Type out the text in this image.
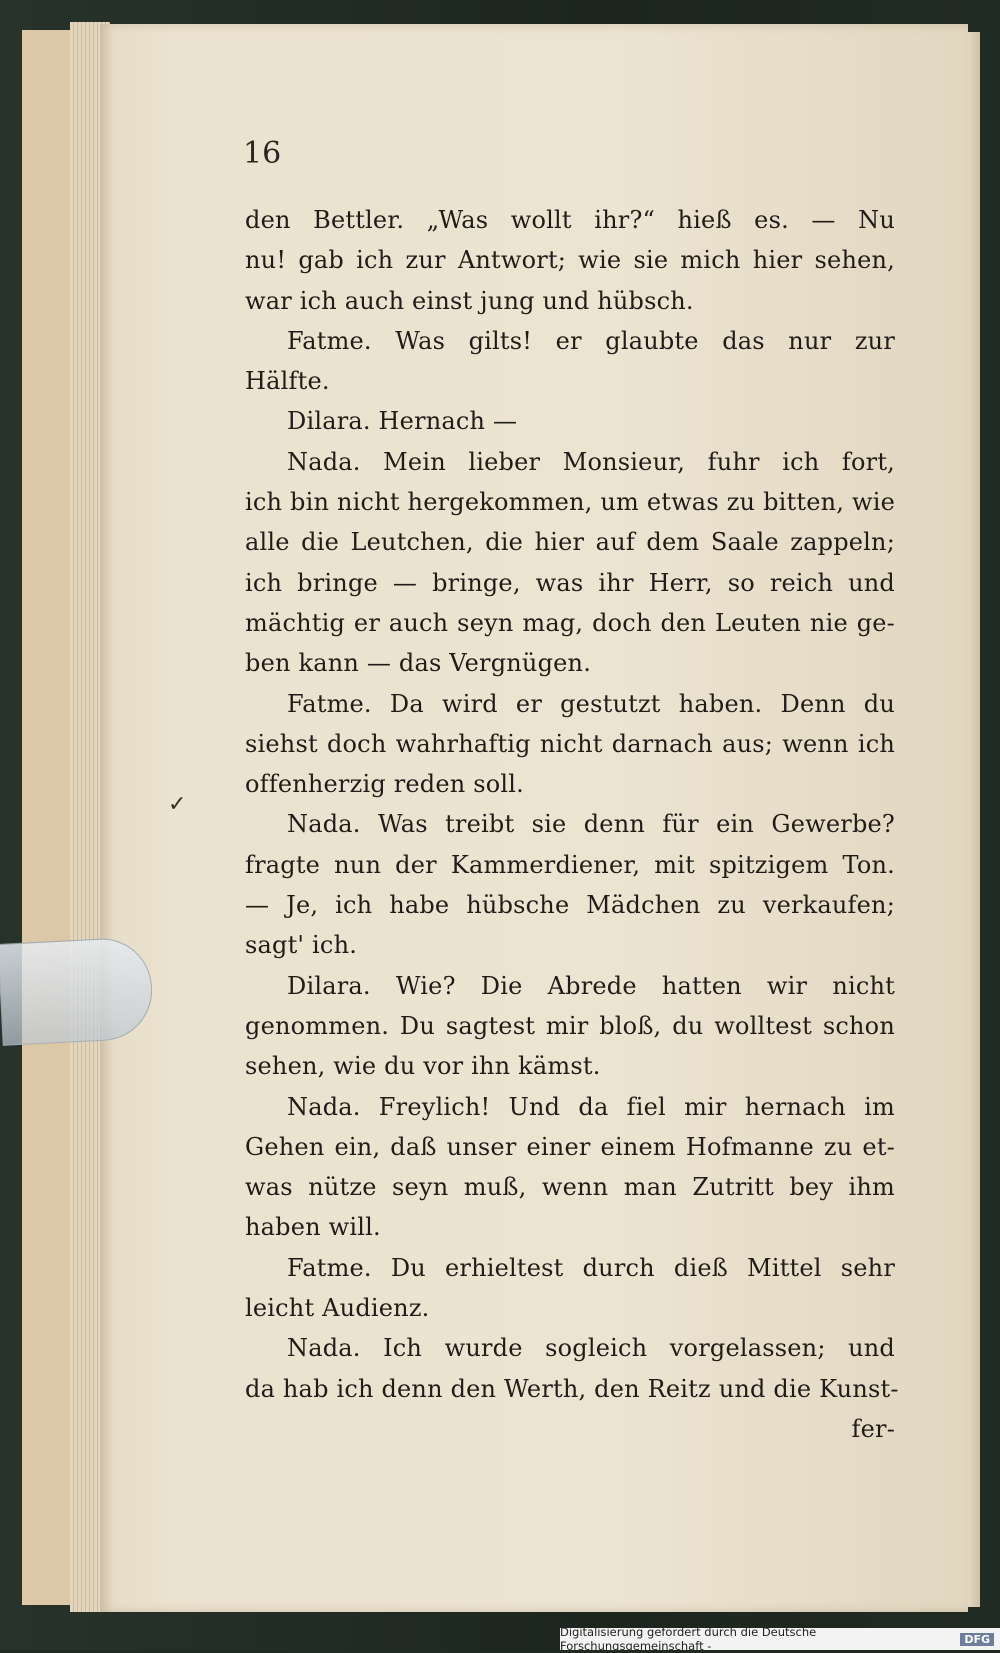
16
den Bettler. „Was wollt ihr?“ hieß es. — Nu
nu! gab ich zur Antwort; wie sie mich hier sehen,
war ich auch einst jung und hübsch.
Fatme. Was gilts! er glaubte das nur zur
Hälfte.
Dilara. Hernach —
Nada. Mein lieber Monsieur, fuhr ich fort,
ich bin nicht hergekommen, um etwas zu bitten, wie
alle die Leutchen, die hier auf dem Saale zappeln;
ich bringe — bringe, was ihr Herr, so reich und
mächtig er auch seyn mag, doch den Leuten nie ge-
ben kann — das Vergnügen.
Fatme. Da wird er gestutzt haben. Denn du
siehst doch wahrhaftig nicht darnach aus; wenn ich
offenherzig reden soll.
Nada. Was treibt sie denn für ein Gewerbe?
fragte nun der Kammerdiener, mit spitzigem Ton.
— Je, ich habe hübsche Mädchen zu verkaufen;
sagt' ich.
Dilara. Wie? Die Abrede hatten wir nicht
genommen. Du sagtest mir bloß, du wolltest schon
sehen, wie du vor ihn kämst.
Nada. Freylich! Und da fiel mir hernach im
Gehen ein, daß unser einer einem Hofmanne zu et-
was nütze seyn muß, wenn man Zutritt bey ihm
haben will.
Fatme. Du erhieltest durch dieß Mittel sehr
leicht Audienz.
Nada. Ich wurde sogleich vorgelassen; und
da hab ich denn den Werth, den Reitz und die Kunst-
fer-
✓
Digitalisierung gefördert durch die Deutsche Forschungsgemeinschaft -	DFG
